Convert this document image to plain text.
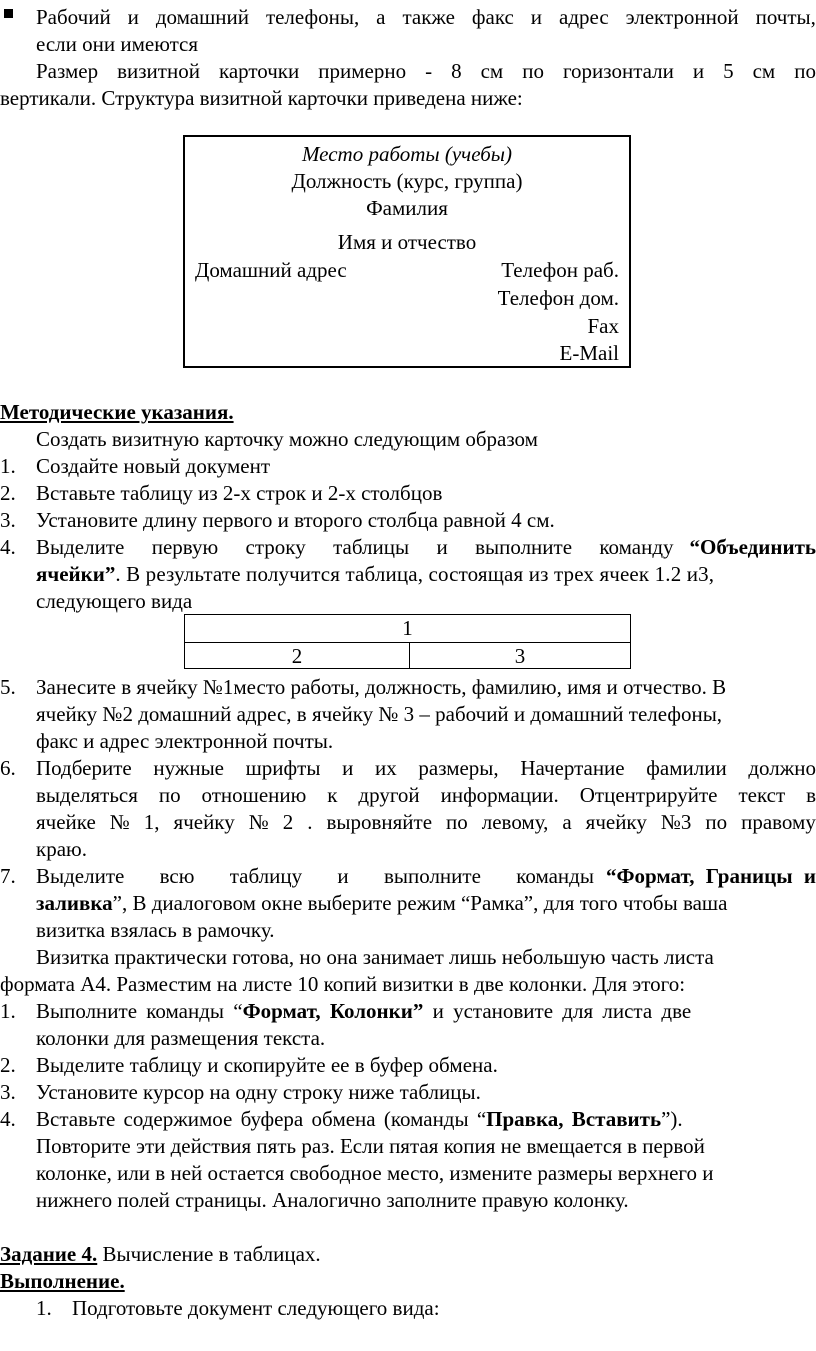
Рабочий и домашний телефоны, а также факс и адрес электронной почты,
если они имеются
Размер визитной карточки примерно - 8 см по горизонтали и 5 см по
вертикали. Структура визитной карточки приведена ниже:
Место работы (учебы)
Должность (курс, группа)
Фамилия
Имя и отчество
Домашний адрес	Телефон раб.
Телефон дом.
Fax
E-Mail
Методические указания.
Создать визитную карточку можно следующим образом
1. Создайте новый документ
2. Вставьте таблицу из 2-х строк и 2-х столбцов
3. Установите длину первого и второго столбца равной 4 см.
4. Выделите первую строку таблицы и выполните команду “Объединить
ячейки”. В результате получится таблица, состоящая из трех ячеек 1.2 и3,
следующего вида
1
2	3
5. Занесите в ячейку №1место работы, должность, фамилию, имя и отчество. В
ячейку №2 домашний адрес, в ячейку № 3 – рабочий и домашний телефоны,
факс и адрес электронной почты.
6. Подберите нужные шрифты и их размеры, Начертание фамилии должно
выделяться по отношению к другой информации. Отцентрируйте текст в
ячейке № 1, ячейку № 2 . выровняйте по левому, а ячейку №3 по правому
краю.
7. Выделите всю таблицу и выполните команды “Формат, Границы и
заливка”, В диалоговом окне выберите режим “Рамка”, для того чтобы ваша
визитка взялась в рамочку.
Визитка практически готова, но она занимает лишь небольшую часть листа
формата А4. Разместим на листе 10 копий визитки в две колонки. Для этого:
1. Выполните команды “Формат, Колонки” и установите для листа две
колонки для размещения текста.
2. Выделите таблицу и скопируйте ее в буфер обмена.
3. Установите курсор на одну строку ниже таблицы.
4. Вставьте содержимое буфера обмена (команды “Правка, Вставить”).
Повторите эти действия пять раз. Если пятая копия не вмещается в первой
колонке, или в ней остается свободное место, измените размеры верхнего и
нижнего полей страницы. Аналогично заполните правую колонку.
Задание 4. Вычисление в таблицах.
Выполнение.
1. Подготовьте документ следующего вида:
